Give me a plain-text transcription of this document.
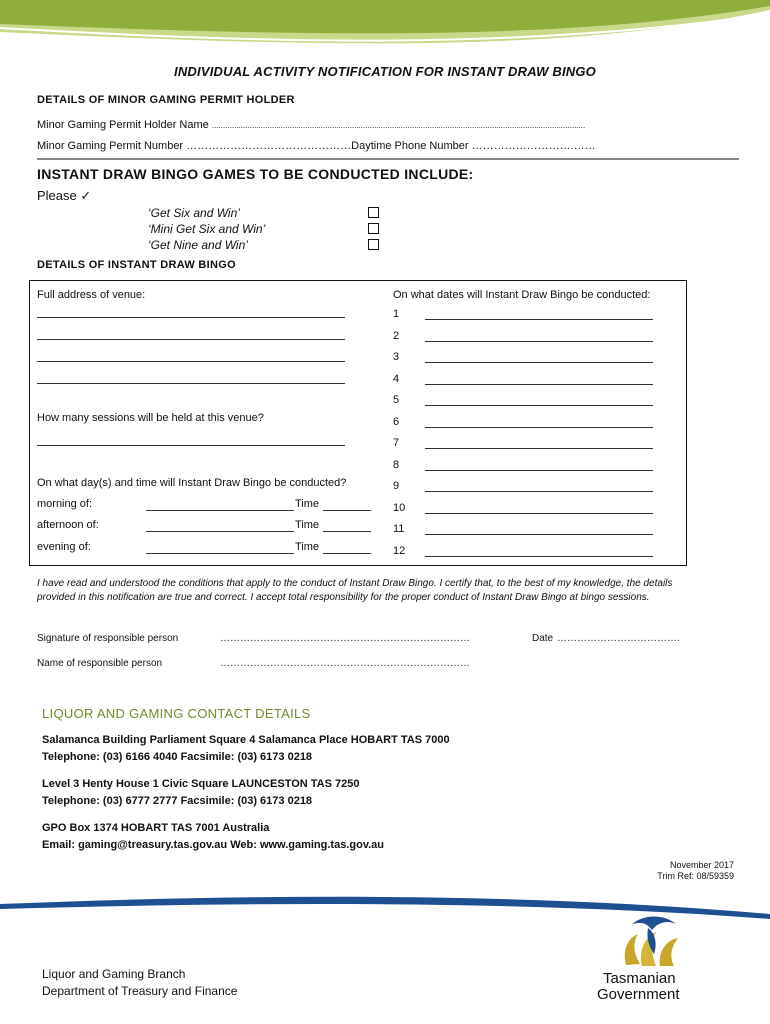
INDIVIDUAL ACTIVITY NOTIFICATION FOR INSTANT DRAW BINGO
DETAILS OF MINOR GAMING PERMIT HOLDER
Minor Gaming Permit Holder Name ........................................................................................................................................................................
Minor Gaming Permit Number ………………………………………Daytime Phone Number ……………………….……
INSTANT DRAW BINGO GAMES TO BE CONDUCTED INCLUDE:
Please ✓
‘Get Six and Win’
‘Mini Get Six and Win’
‘Get Nine and Win’
DETAILS OF INSTANT DRAW BINGO
Full address of venue:
How many sessions will be held at this venue?
On what day(s) and time will Instant Draw Bingo be conducted?
morning of:	Time
afternoon of:	Time
evening of:	Time
On what dates will Instant Draw Bingo be conducted:
1
2
3
4
5
6
7
8
9
10
11
12
I have read and understood the conditions that apply to the conduct of Instant Draw Bingo. I certify that, to the best of my knowledge, the details provided in this notification are true and correct. I accept total responsibility for the proper conduct of Instant Draw Bingo at bingo sessions.
Signature of responsible person	…………………………………………………………………	Date ……………………………….
Name of responsible person	…………………………………………………………………
LIQUOR AND GAMING CONTACT DETAILS
Salamanca Building Parliament Square 4 Salamanca Place HOBART TAS 7000
Telephone: (03) 6166 4040 Facsimile: (03) 6173 0218
Level 3 Henty House 1 Civic Square LAUNCESTON TAS 7250
Telephone: (03) 6777 2777 Facsimile: (03) 6173 0218
GPO Box 1374 HOBART TAS 7001 Australia
Email: gaming@treasury.tas.gov.au Web: www.gaming.tas.gov.au
November 2017
Trim Ref: 08/59359
Liquor and Gaming Branch
Department of Treasury and Finance
Tasmanian
Government
